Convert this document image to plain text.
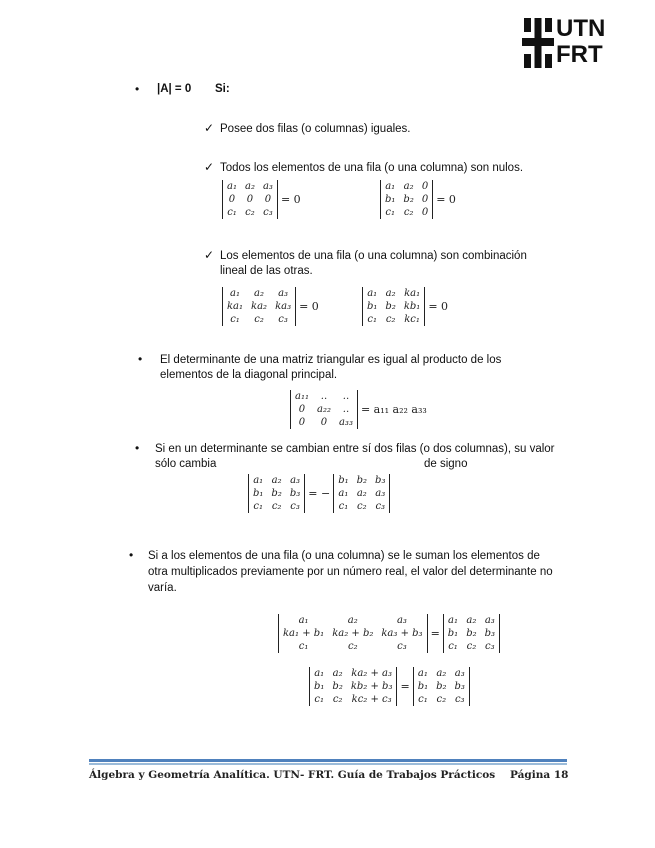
UTN
FRT
• |A| = 0 Si:
✓ Posee dos filas (o columnas) iguales.
✓ Todos los elementos de una fila (o una columna) son nulos.
a₁	a₂	a₃
0	0	0
c₁	c₂	c₃
= 0
a₁	a₂	0
b₁	b₂	0
c₁	c₂	0
= 0
✓ Los elementos de una fila (o una columna) son combinación
lineal de las otras.
a₁	a₂	a₃
ka₁	ka₂	ka₃
c₁	c₂	c₃
= 0
a₁	a₂	ka₁
b₁	b₂	kb₁
c₁	c₂	kc₁
= 0
• El determinante de una matriz triangular es igual al producto de los
elementos de la diagonal principal.
a₁₁	..	..
0	a₂₂	..
0	0	a₃₃
= a₁₁ a₂₂ a₃₃
• Si en un determinante se cambian entre sí dos filas (o dos columnas), su valor
sólo cambia	de signo
a₁	a₂	a₃
b₁	b₂	b₃
c₁	c₂	c₃
= −
b₁	b₂	b₃
a₁	a₂	a₃
c₁	c₂	c₃
• Si a los elementos de una fila (o una columna) se le suman los elementos de
otra multiplicados previamente por un número real, el valor del determinante no
varía.
a₁	a₂	a₃
ka₁ + b₁	ka₂ + b₂	ka₃ + b₃
c₁	c₂	c₃
=
a₁	a₂	a₃
b₁	b₂	b₃
c₁	c₂	c₃
a₁	a₂	ka₂ + a₃
b₁	b₂	kb₂ + b₃
c₁	c₂	kc₂ + c₃
=
a₁	a₂	a₃
b₁	b₂	b₃
c₁	c₂	c₃
Álgebra y Geometría Analítica. UTN- FRT. Guía de Trabajos Prácticos Página 18
